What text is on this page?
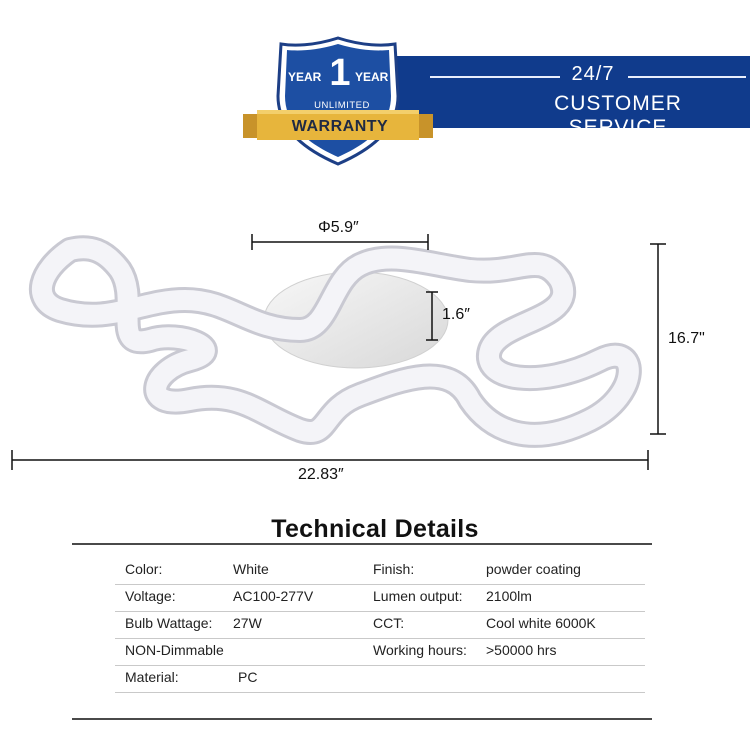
24/7
CUSTOMER SERVICE
YEAR 1 YEAR
UNLIMITED
WARRANTY
Φ5.9″
1.6″
16.7"
22.83″
Technical Details
Color:	White	Finish:	powder coating
Voltage:	AC100-277V	Lumen output: 2100lm
Bulb Wattage: 27W	CCT:	Cool white 6000K
NON-Dimmable	Working hours: >50000 hrs
Material:	PC
